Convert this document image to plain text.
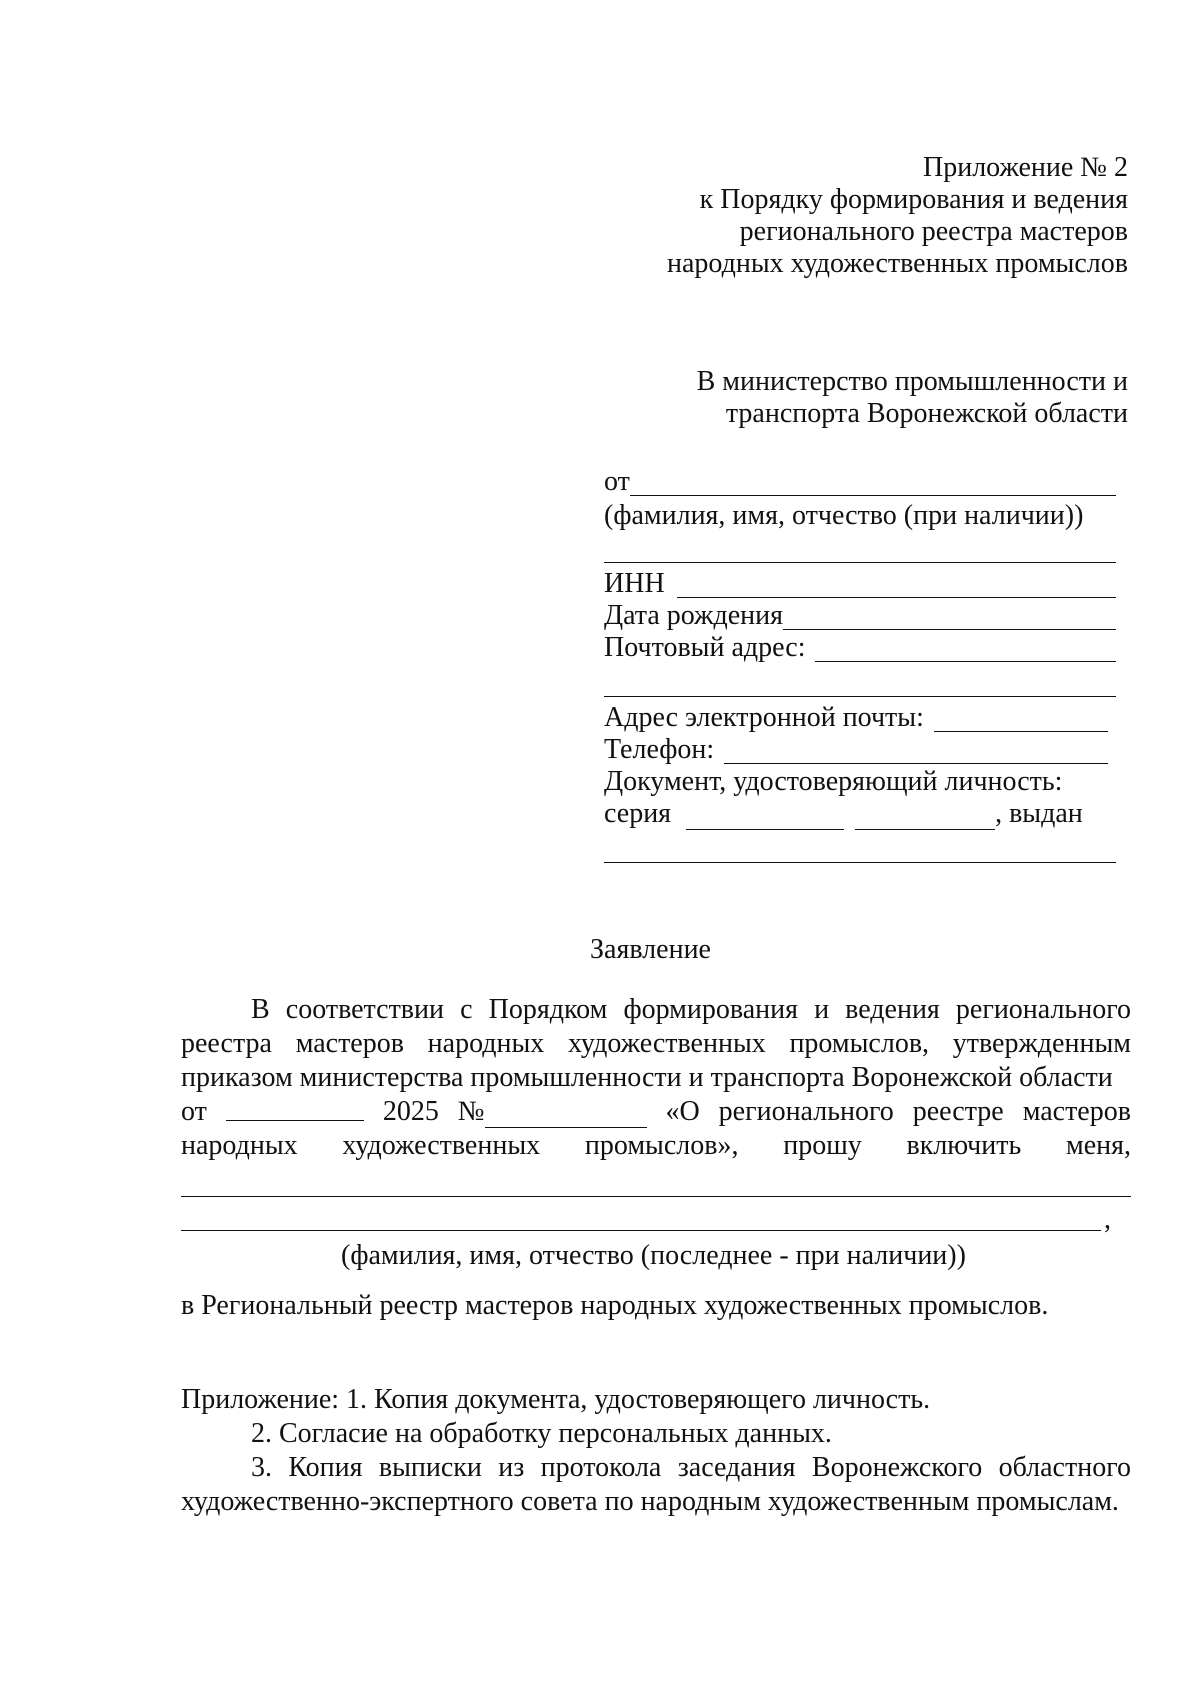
Приложение № 2
к Порядку формирования и ведения
регионального реестра мастеров
народных художественных промыслов
В министерство промышленности и
транспорта Воронежской области
от
(фамилия, имя, отчество (при наличии))
ИНН
Дата рождения
Почтовый адрес:
Адрес электронной почты:
Телефон:
Документ, удостоверяющий личность:
серия	, выдан
Заявление
В соответствии с Порядком формирования и ведения регионального
реестра мастеров народных художественных промыслов, утвержденным
приказом министерства промышленности и транспорта Воронежской области
от	2025 №	«О регионального реестре мастеров
народных художественных промыслов», прошу включить меня,
,
(фамилия, имя, отчество (последнее - при наличии))
в Региональный реестр мастеров народных художественных промыслов.
Приложение: 1. Копия документа, удостоверяющего личность.
2. Согласие на обработку персональных данных.
3. Копия выписки из протокола заседания Воронежского областного
художественно-экспертного совета по народным художественным промыслам.
